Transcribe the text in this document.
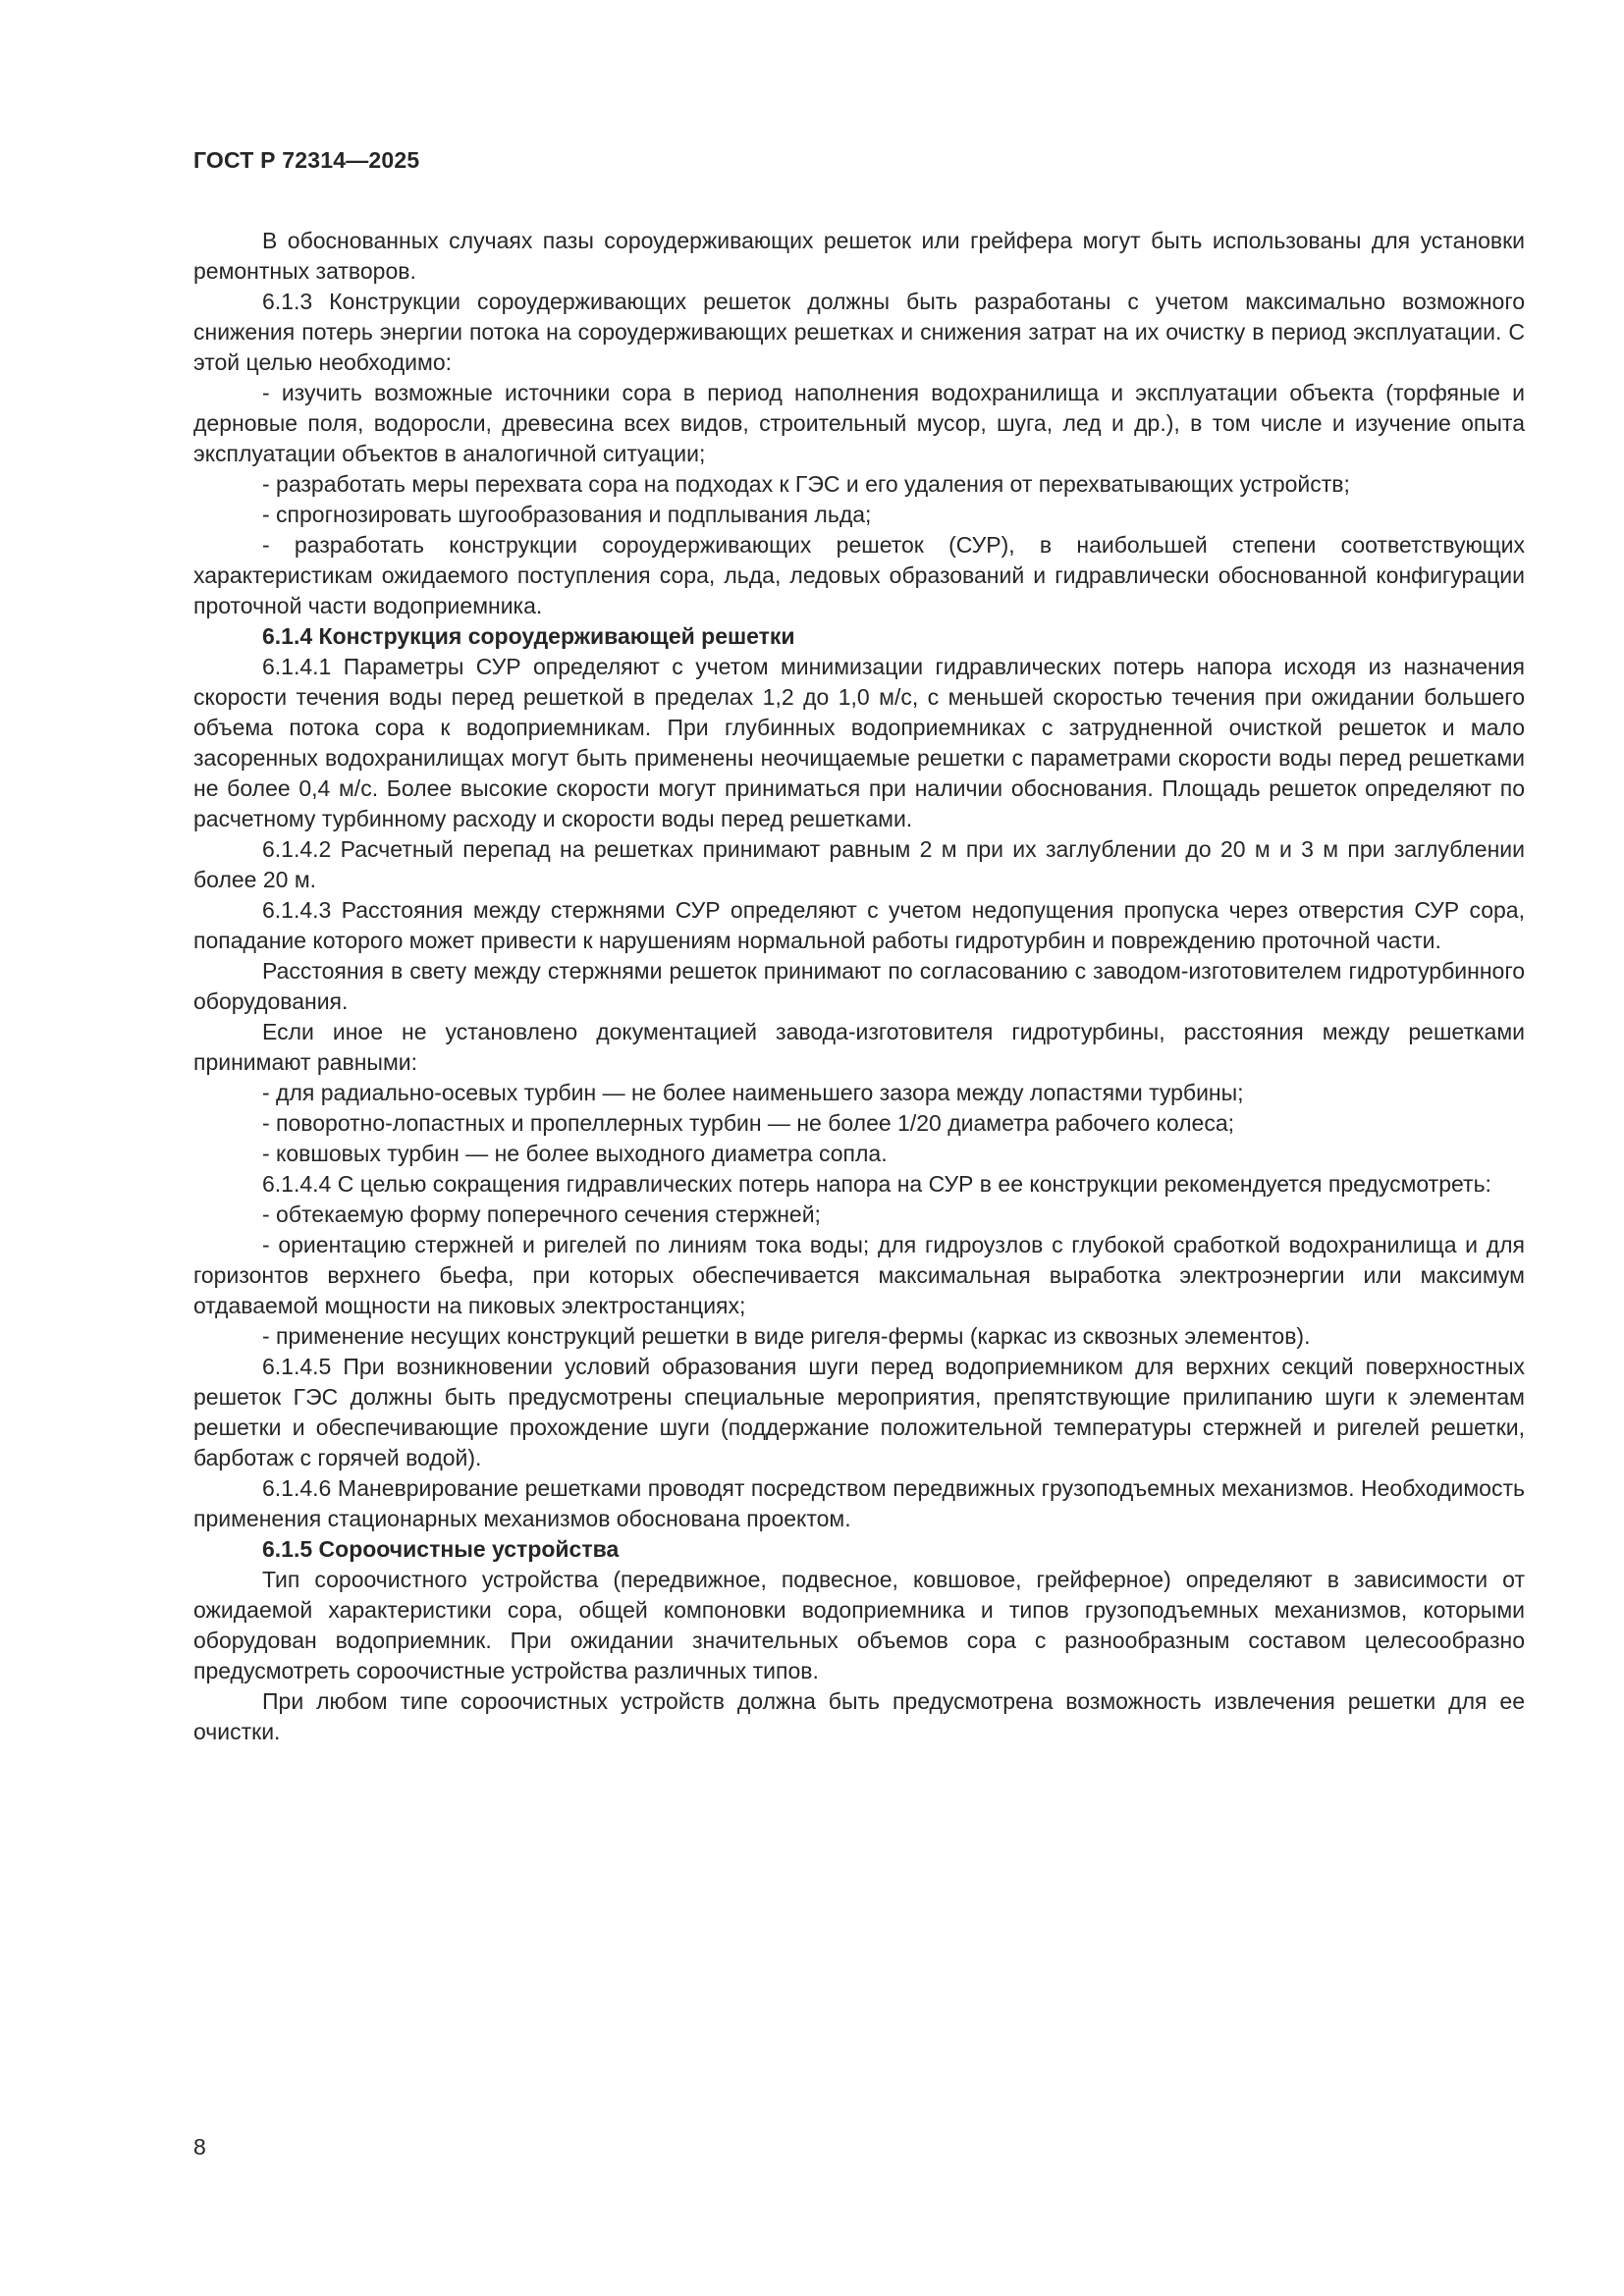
ГОСТ Р 72314—2025

В обоснованных случаях пазы сороудерживающих решеток или грейфера могут быть использованы для установки ремонтных затворов.

6.1.3 Конструкции сороудерживающих решеток должны быть разработаны с учетом максимально возможного снижения потерь энергии потока на сороудерживающих решетках и снижения затрат на их очистку в период эксплуатации. С этой целью необходимо:

- изучить возможные источники сора в период наполнения водохранилища и эксплуатации объекта (торфяные и дерновые поля, водоросли, древесина всех видов, строительный мусор, шуга, лед и др.), в том числе и изучение опыта эксплуатации объектов в аналогичной ситуации;

- разработать меры перехвата сора на подходах к ГЭС и его удаления от перехватывающих устройств;

- спрогнозировать шугообразования и подплывания льда;

- разработать конструкции сороудерживающих решеток (СУР), в наибольшей степени соответствующих характеристикам ожидаемого поступления сора, льда, ледовых образований и гидравлически обоснованной конфигурации проточной части водоприемника.

6.1.4 Конструкция сороудерживающей решетки

6.1.4.1 Параметры СУР определяют с учетом минимизации гидравлических потерь напора исходя из назначения скорости течения воды перед решеткой в пределах 1,2 до 1,0 м/с, с меньшей скоростью течения при ожидании большего объема потока сора к водоприемникам. При глубинных водоприемниках с затрудненной очисткой решеток и мало засоренных водохранилищах могут быть применены неочищаемые решетки с параметрами скорости воды перед решетками не более 0,4 м/с. Более высокие скорости могут приниматься при наличии обоснования. Площадь решеток определяют по расчетному турбинному расходу и скорости воды перед решетками.

6.1.4.2 Расчетный перепад на решетках принимают равным 2 м при их заглублении до 20 м и 3 м при заглублении более 20 м.

6.1.4.3 Расстояния между стержнями СУР определяют с учетом недопущения пропуска через отверстия СУР сора, попадание которого может привести к нарушениям нормальной работы гидротурбин и повреждению проточной части.

Расстояния в свету между стержнями решеток принимают по согласованию с заводом-изготовителем гидротурбинного оборудования.

Если иное не установлено документацией завода-изготовителя гидротурбины, расстояния между решетками принимают равными:

- для радиально-осевых турбин — не более наименьшего зазора между лопастями турбины;

- поворотно-лопастных и пропеллерных турбин — не более 1/20 диаметра рабочего колеса;

- ковшовых турбин — не более выходного диаметра сопла.

6.1.4.4 С целью сокращения гидравлических потерь напора на СУР в ее конструкции рекомендуется предусмотреть:

- обтекаемую форму поперечного сечения стержней;

- ориентацию стержней и ригелей по линиям тока воды; для гидроузлов с глубокой сработкой водохранилища и для горизонтов верхнего бьефа, при которых обеспечивается максимальная выработка электроэнергии или максимум отдаваемой мощности на пиковых электростанциях;

- применение несущих конструкций решетки в виде ригеля-фермы (каркас из сквозных элементов).

6.1.4.5 При возникновении условий образования шуги перед водоприемником для верхних секций поверхностных решеток ГЭС должны быть предусмотрены специальные мероприятия, препятствующие прилипанию шуги к элементам решетки и обеспечивающие прохождение шуги (поддержание положительной температуры стержней и ригелей решетки, барботаж с горячей водой).

6.1.4.6 Маневрирование решетками проводят посредством передвижных грузоподъемных механизмов. Необходимость применения стационарных механизмов обоснована проектом.

6.1.5 Сороочистные устройства

Тип сороочистного устройства (передвижное, подвесное, ковшовое, грейферное) определяют в зависимости от ожидаемой характеристики сора, общей компоновки водоприемника и типов грузоподъемных механизмов, которыми оборудован водоприемник. При ожидании значительных объемов сора с разнообразным составом целесообразно предусмотреть сороочистные устройства различных типов.

При любом типе сороочистных устройств должна быть предусмотрена возможность извлечения решетки для ее очистки.

8
